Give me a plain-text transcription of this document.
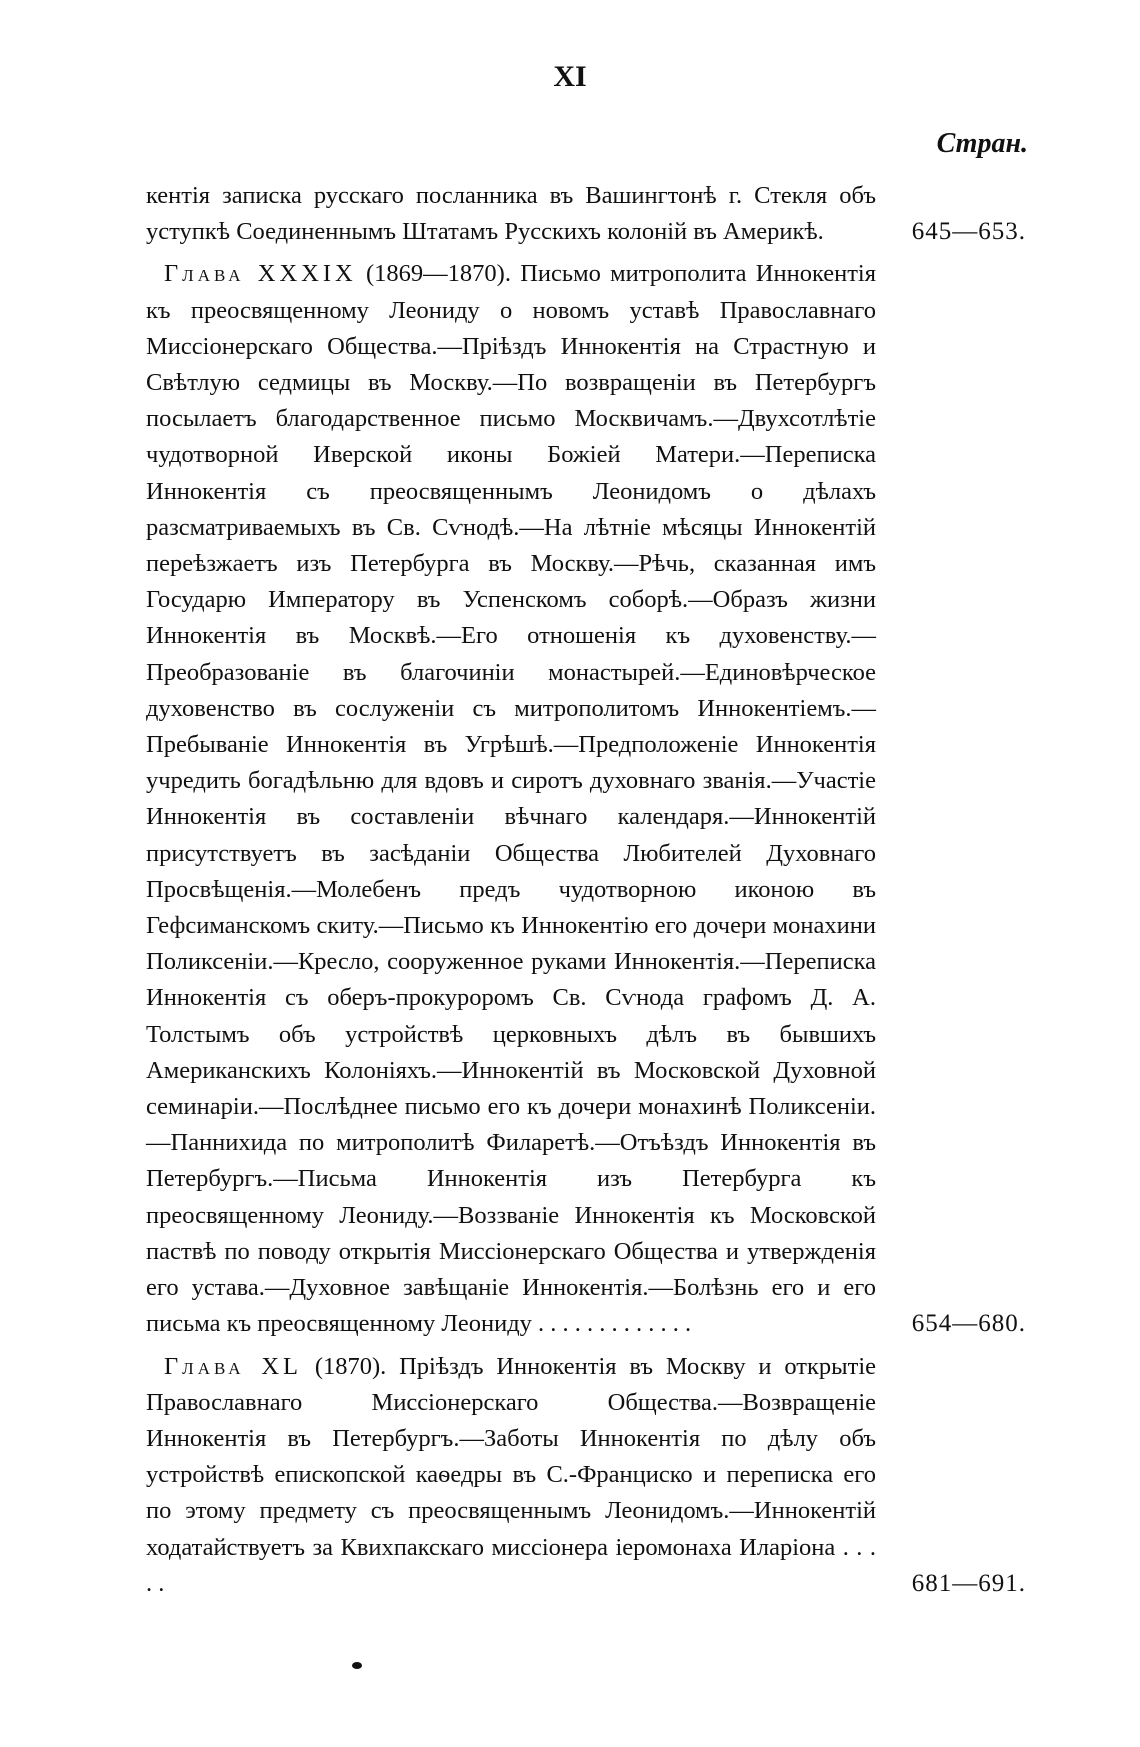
XI
Стран.
кентія записка русскаго посланника въ Вашингтонѣ г. Стекля объ уступкѣ Соединеннымъ Штатамъ Русскихъ колоній въ Америкѣ.	645—653.
Глава XXXIX (1869—1870). Письмо митрополита Иннокентія къ преосвященному Леониду о новомъ уставѣ Православнаго Миссіонерскаго Общества.—Пріѣздъ Иннокентія на Страстную и Свѣтлую седмицы въ Москву.—По возвращеніи въ Петербургъ посылаетъ благодарственное письмо Москвичамъ.—Двухсотлѣтіе чудотворной Иверской иконы Божіей Матери.—Переписка Иннокентія съ преосвященнымъ Леонидомъ о дѣлахъ разсматриваемыхъ въ Св. Сѵнодѣ.—На лѣтніе мѣсяцы Иннокентій переѣзжаетъ изъ Петербурга въ Москву.—Рѣчь, сказанная имъ Государю Императору въ Успенскомъ соборѣ.—Образъ жизни Иннокентія въ Москвѣ.—Его отношенія къ духовенству.—Преобразованіе въ благочиніи монастырей.—Единовѣрческое духовенство въ сослуженіи съ митрополитомъ Иннокентіемъ.—Пребываніе Иннокентія въ Угрѣшѣ.—Предположеніе Иннокентія учредить богадѣльню для вдовъ и сиротъ духовнаго званія.—Участіе Иннокентія въ составленіи вѣчнаго календаря.—Иннокентій присутствуетъ въ засѣданіи Общества Любителей Духовнаго Просвѣщенія.—Молебенъ предъ чудотворною иконою въ Гефсиманскомъ скиту.—Письмо къ Иннокентію его дочери монахини Поликсеніи.—Кресло, сооруженное руками Иннокентія.—Переписка Иннокентія съ оберъ-прокуроромъ Св. Сѵнода графомъ Д. А. Толстымъ объ устройствѣ церковныхъ дѣлъ въ бывшихъ Американскихъ Колоніяхъ.—Иннокентій въ Московской Духовной семинаріи.—Послѣднее письмо его къ дочери монахинѣ Поликсеніи.—Паннихида по митрополитѣ Филаретѣ.—Отъѣздъ Иннокентія въ Петербургъ.—Письма Иннокентія изъ Петербурга къ преосвященному Леониду.—Воззваніе Иннокентія къ Московской паствѣ по поводу открытія Миссіонерскаго Общества и утвержденія его устава.—Духовное завѣщаніе Иннокентія.—Болѣзнь его и его письма къ преосвященному Леониду . . . . . . . . . . . . .	654—680.
Глава XL (1870). Пріѣздъ Иннокентія въ Москву и открытіе Православнаго Миссіонерскаго Общества.—Возвращеніе Иннокентія въ Петербургъ.—Заботы Иннокентія по дѣлу объ устройствѣ епископской каѳедры въ С.-Франциско и переписка его по этому предмету съ преосвященнымъ Леонидомъ.—Иннокентій ходатайствуетъ за Квихпакскаго миссіонера іеромонаха Иларіона . . . . .	681—691.
